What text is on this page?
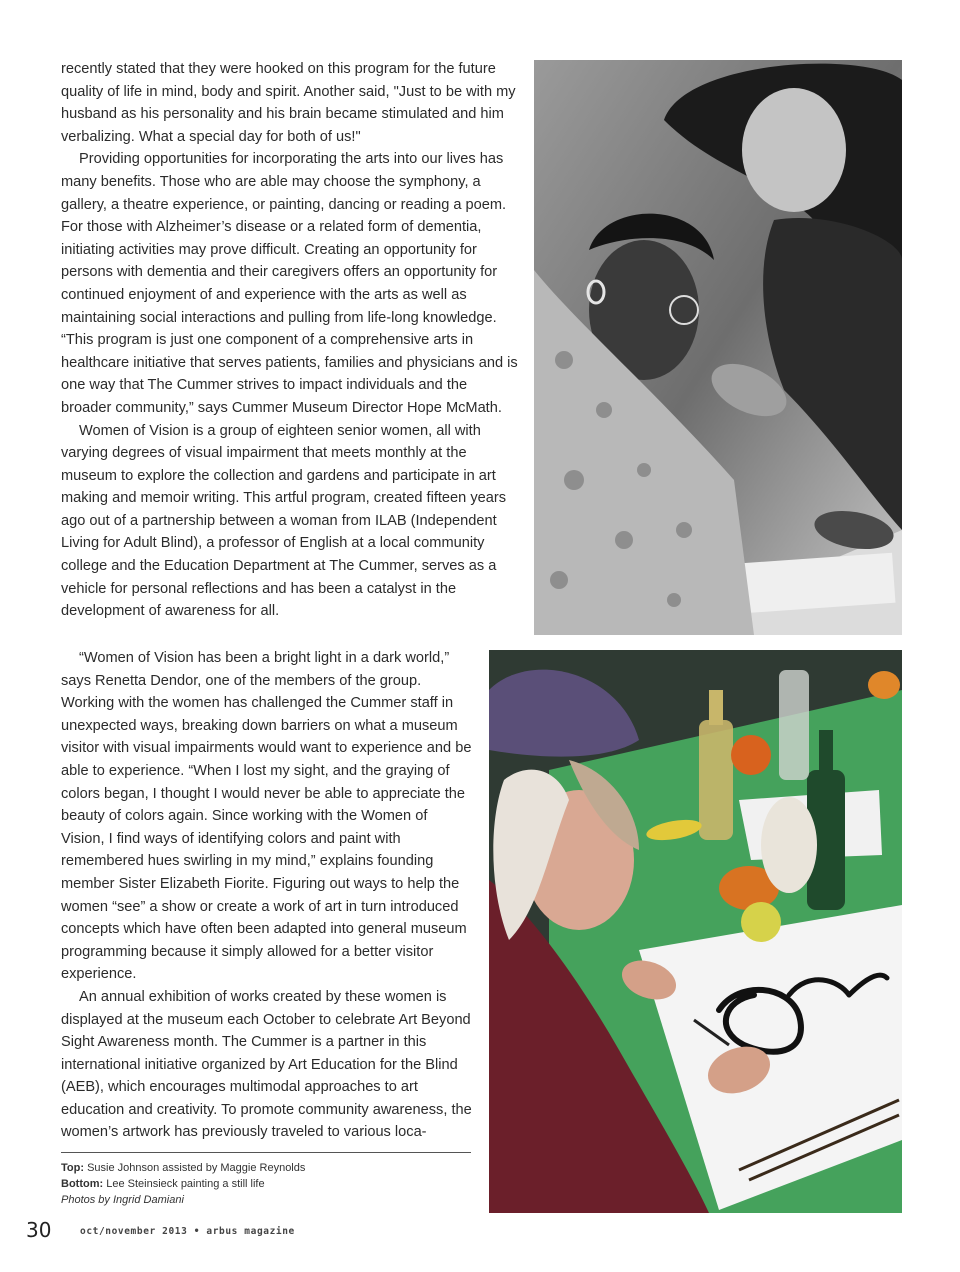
recently stated that they were hooked on this program for the future quality of life in mind, body and spirit. Another said, "Just to be with my husband as his personality and his brain became stimulated and him verbalizing. What a special day for both of us!"

Providing opportunities for incorporating the arts into our lives has many benefits. Those who are able may choose the symphony, a gallery, a theatre experience, or painting, dancing or reading a poem. For those with Alzheimer’s disease or a related form of dementia, initiating activities may prove difficult. Creating an opportunity for persons with dementia and their caregivers offers an opportunity for continued enjoyment of and experience with the arts as well as maintaining social interactions and pulling from life-long knowledge. “This program is just one component of a comprehensive arts in healthcare initiative that serves patients, families and physicians and is one way that The Cummer strives to impact individuals and the broader community,” says Cummer Museum Director Hope McMath.

Women of Vision is a group of eighteen senior women, all with varying degrees of visual impairment that meets monthly at the museum to explore the collection and gardens and participate in art making and memoir writing. This artful program, created fifteen years ago out of a partnership between a woman from ILAB (Independent Living for Adult Blind), a professor of English at a local community college and the Education Department at The Cummer, serves as a vehicle for personal reflections and has been a catalyst in the development of awareness for all.

“Women of Vision has been a bright light in a dark world,” says Renetta Dendor, one of the members of the group. Working with the women has challenged the Cummer staff in unexpected ways, breaking down barriers on what a museum visitor with visual impairments would want to experience and be able to experience. “When I lost my sight, and the graying of colors began, I thought I would never be able to appreciate the beauty of colors again. Since working with the Women of Vision, I find ways of identifying colors and paint with remembered hues swirling in my mind,” explains founding member Sister Elizabeth Fiorite. Figuring out ways to help the women “see” a show or create a work of art in turn introduced concepts which have often been adapted into general museum programming because it simply allowed for a better visitor experience.

An annual exhibition of works created by these women is displayed at the museum each October to celebrate Art Beyond Sight Awareness month. The Cummer is a partner in this international initiative organized by Art Education for the Blind (AEB), which encourages multimodal approaches to art education and creativity. To promote community awareness, the women’s artwork has previously traveled to various loca-

Top: Susie Johnson assisted by Maggie Reynolds
Bottom: Lee Steinsieck painting a still life
Photos by Ingrid Damiani
30	oct/november 2013 • arbus magazine
